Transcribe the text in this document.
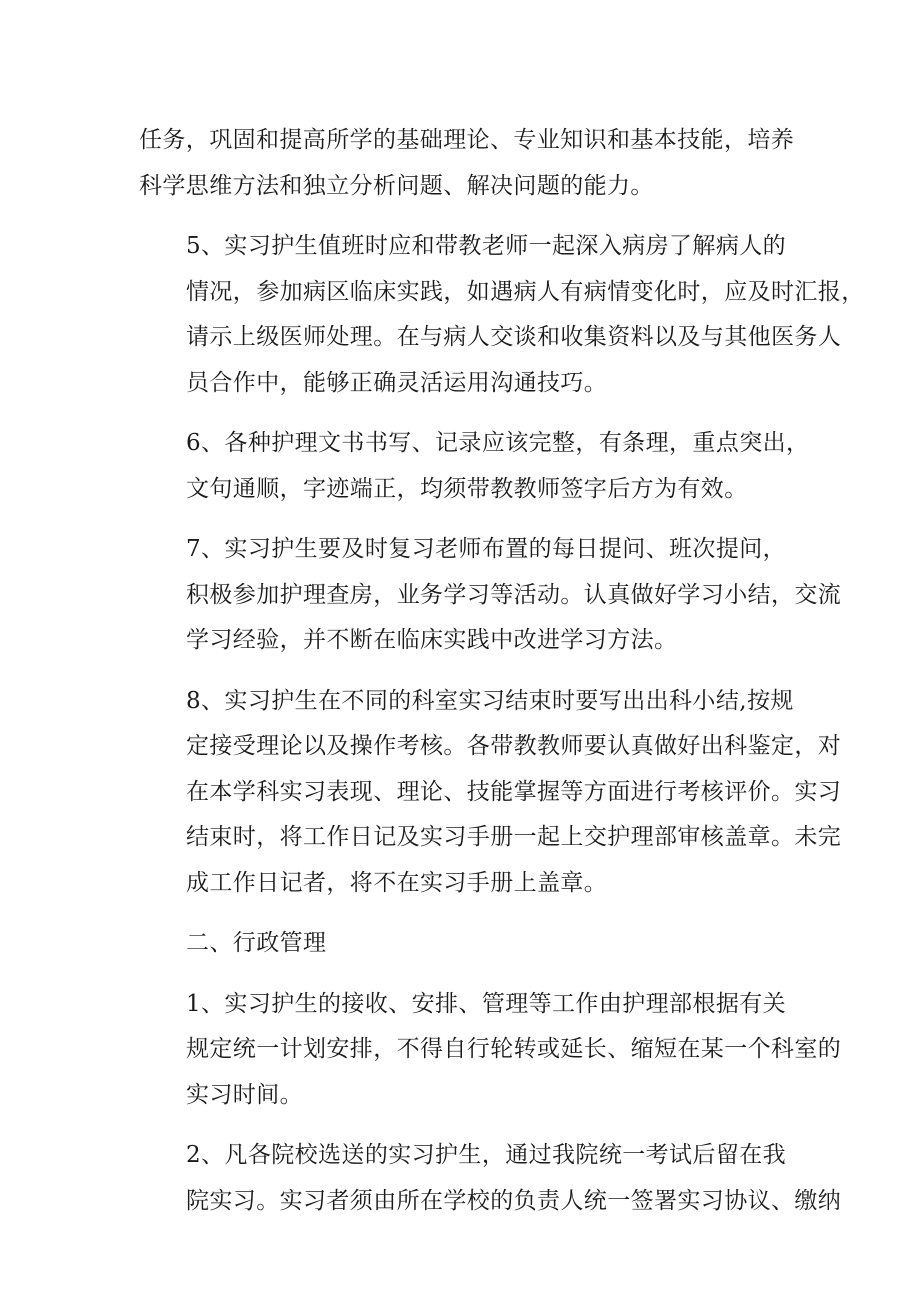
任务，巩固和提高所学的基础理论、专业知识和基本技能，培养
科学思维方法和独立分析问题、解决问题的能力。

5、实习护生值班时应和带教老师一起深入病房了解病人的
情况，参加病区临床实践，如遇病人有病情变化时，应及时汇报，
请示上级医师处理。在与病人交谈和收集资料以及与其他医务人
员合作中，能够正确灵活运用沟通技巧。

6、各种护理文书书写、记录应该完整，有条理，重点突出，
文句通顺，字迹端正，均须带教教师签字后方为有效。

7、实习护生要及时复习老师布置的每日提问、班次提问，
积极参加护理查房，业务学习等活动。认真做好学习小结，交流
学习经验，并不断在临床实践中改进学习方法。

8、实习护生在不同的科室实习结束时要写出出科小结,按规
定接受理论以及操作考核。各带教教师要认真做好出科鉴定，对
在本学科实习表现、理论、技能掌握等方面进行考核评价。实习
结束时，将工作日记及实习手册一起上交护理部审核盖章。未完
成工作日记者，将不在实习手册上盖章。

二、行政管理

1、实习护生的接收、安排、管理等工作由护理部根据有关
规定统一计划安排，不得自行轮转或延长、缩短在某一个科室的
实习时间。

2、凡各院校选送的实习护生，通过我院统一考试后留在我
院实习。实习者须由所在学校的负责人统一签署实习协议、缴纳
